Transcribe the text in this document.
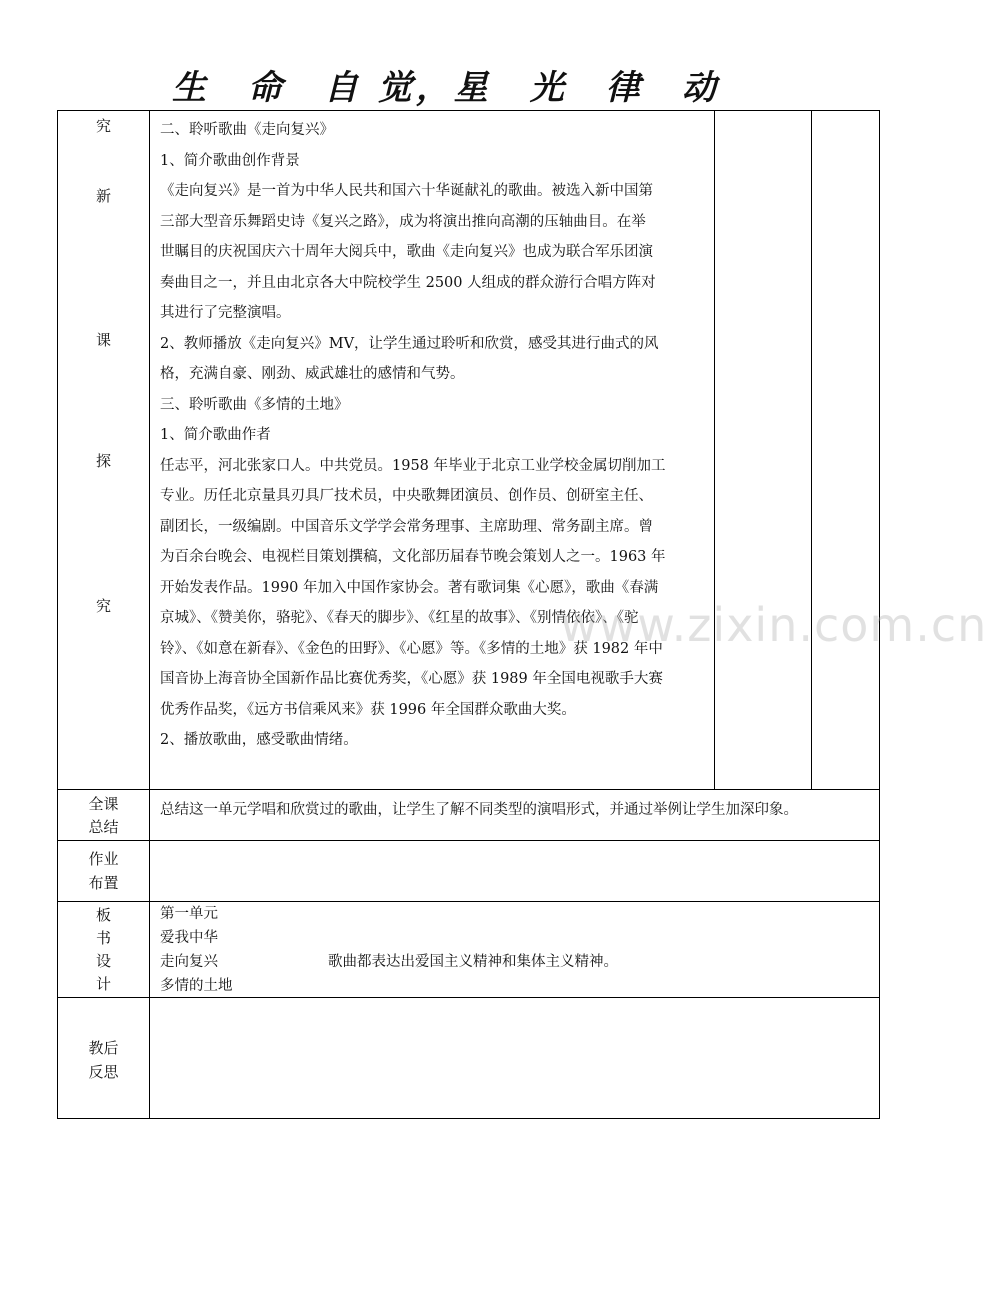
生　命　自 觉，星　光　律　动
究
新
课
探
究
二、聆听歌曲《走向复兴》
1、简介歌曲创作背景
《走向复兴》是一首为中华人民共和国六十华诞献礼的歌曲。被选入新中国第
三部大型音乐舞蹈史诗《复兴之路》，成为将演出推向高潮的压轴曲目。在举
世瞩目的庆祝国庆六十周年大阅兵中，歌曲《走向复兴》也成为联合军乐团演
奏曲目之一，并且由北京各大中院校学生 2500 人组成的群众游行合唱方阵对
其进行了完整演唱。
2、教师播放《走向复兴》MV，让学生通过聆听和欣赏，感受其进行曲式的风
格，充满自豪、刚劲、威武雄壮的感情和气势。
三、聆听歌曲《多情的土地》
1、简介歌曲作者
任志平，河北张家口人。中共党员。1958 年毕业于北京工业学校金属切削加工
专业。历任北京量具刃具厂技术员，中央歌舞团演员、创作员、创研室主任、
副团长，一级编剧。中国音乐文学学会常务理事、主席助理、常务副主席。曾
为百余台晚会、电视栏目策划撰稿，文化部历届春节晚会策划人之一。1963 年
开始发表作品。1990 年加入中国作家协会。著有歌词集《心愿》，歌曲《春满
京城》、《赞美你，骆驼》、《春天的脚步》、《红星的故事》、《别情依依》、《驼
铃》、《如意在新春》、《金色的田野》、《心愿》等。《多情的土地》获 1982 年中
国音协上海音协全国新作品比赛优秀奖，《心愿》获 1989 年全国电视歌手大赛
优秀作品奖，《远方书信乘风来》获 1996 年全国群众歌曲大奖。
2、播放歌曲，感受歌曲情绪。
www.zixin.com.cn
全课
总结
总结这一单元学唱和欣赏过的歌曲，让学生了解不同类型的演唱形式，并通过举例让学生加深印象。
作业
布置
板
书
设
计
第一单元
爱我中华
走向复兴
多情的土地
歌曲都表达出爱国主义精神和集体主义精神。
教后
反思
